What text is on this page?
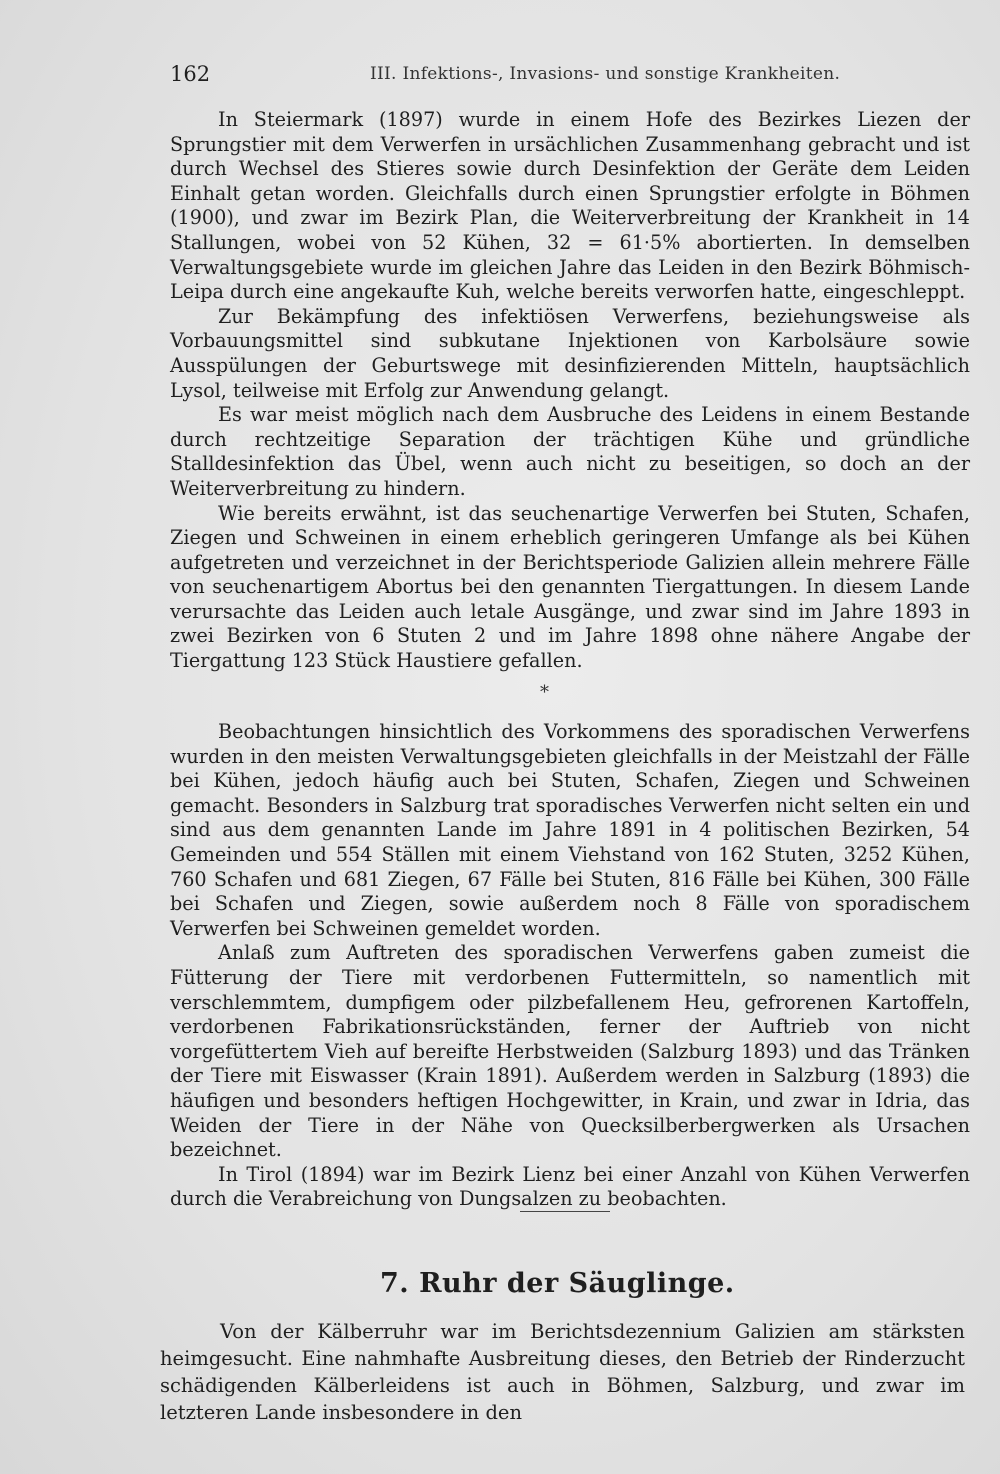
162	III. Infektions-, Invasions- und sonstige Krankheiten.

In Steiermark (1897) wurde in einem Hofe des Bezirkes Liezen der Sprungstier mit dem Verwerfen in ursächlichen Zusammenhang gebracht und ist durch Wechsel des Stieres sowie durch Desinfektion der Geräte dem Leiden Einhalt getan worden. Gleichfalls durch einen Sprungstier erfolgte in Böhmen (1900), und zwar im Bezirk Plan, die Weiterverbreitung der Krankheit in 14 Stallungen, wobei von 52 Kühen, 32 = 61·5% abortierten. In demselben Verwaltungsgebiete wurde im gleichen Jahre das Leiden in den Bezirk Böhmisch-Leipa durch eine angekaufte Kuh, welche bereits verworfen hatte, eingeschleppt.

Zur Bekämpfung des infektiösen Verwerfens, beziehungsweise als Vorbauungsmittel sind subkutane Injektionen von Karbolsäure sowie Ausspülungen der Geburtswege mit desinfizierenden Mitteln, hauptsächlich Lysol, teilweise mit Erfolg zur Anwendung gelangt.

Es war meist möglich nach dem Ausbruche des Leidens in einem Bestande durch rechtzeitige Separation der trächtigen Kühe und gründliche Stalldesinfektion das Übel, wenn auch nicht zu beseitigen, so doch an der Weiterverbreitung zu hindern.

Wie bereits erwähnt, ist das seuchenartige Verwerfen bei Stuten, Schafen, Ziegen und Schweinen in einem erheblich geringeren Umfange als bei Kühen aufgetreten und verzeichnet in der Berichtsperiode Galizien allein mehrere Fälle von seuchenartigem Abortus bei den genannten Tiergattungen. In diesem Lande verursachte das Leiden auch letale Ausgänge, und zwar sind im Jahre 1893 in zwei Bezirken von 6 Stuten 2 und im Jahre 1898 ohne nähere Angabe der Tiergattung 123 Stück Haustiere gefallen.

*

Beobachtungen hinsichtlich des Vorkommens des sporadischen Verwerfens wurden in den meisten Verwaltungsgebieten gleichfalls in der Meistzahl der Fälle bei Kühen, jedoch häufig auch bei Stuten, Schafen, Ziegen und Schweinen gemacht. Besonders in Salzburg trat sporadisches Verwerfen nicht selten ein und sind aus dem genannten Lande im Jahre 1891 in 4 politischen Bezirken, 54 Gemeinden und 554 Ställen mit einem Viehstand von 162 Stuten, 3252 Kühen, 760 Schafen und 681 Ziegen, 67 Fälle bei Stuten, 816 Fälle bei Kühen, 300 Fälle bei Schafen und Ziegen, sowie außerdem noch 8 Fälle von sporadischem Verwerfen bei Schweinen gemeldet worden.

Anlaß zum Auftreten des sporadischen Verwerfens gaben zumeist die Fütterung der Tiere mit verdorbenen Futtermitteln, so namentlich mit verschlemmtem, dumpfigem oder pilzbefallenem Heu, gefrorenen Kartoffeln, verdorbenen Fabrikationsrückständen, ferner der Auftrieb von nicht vorgefüttertem Vieh auf bereifte Herbstweiden (Salzburg 1893) und das Tränken der Tiere mit Eiswasser (Krain 1891). Außerdem werden in Salzburg (1893) die häufigen und besonders heftigen Hochgewitter, in Krain, und zwar in Idria, das Weiden der Tiere in der Nähe von Quecksilberbergwerken als Ursachen bezeichnet.

In Tirol (1894) war im Bezirk Lienz bei einer Anzahl von Kühen Verwerfen durch die Verabreichung von Dungsalzen zu beobachten.

7. Ruhr der Säuglinge.

Von der Kälberruhr war im Berichtsdezennium Galizien am stärksten heimgesucht. Eine nahmhafte Ausbreitung dieses, den Betrieb der Rinderzucht schädigenden Kälberleidens ist auch in Böhmen, Salzburg, und zwar im letzteren Lande insbesondere in den
